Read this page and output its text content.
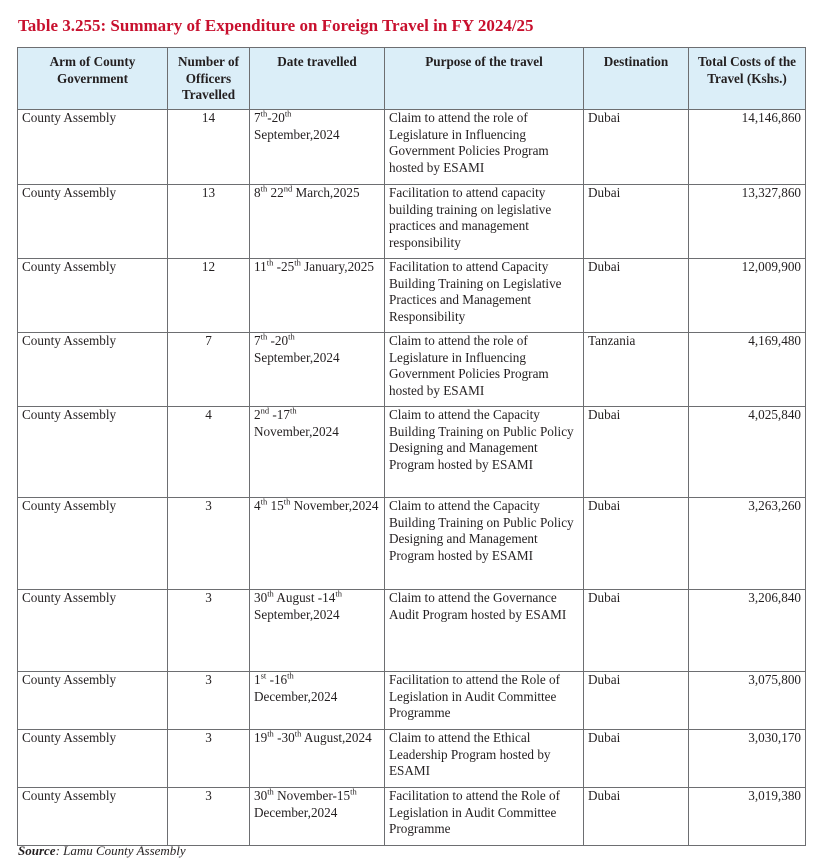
Table 3.255: Summary of Expenditure on Foreign Travel in FY 2024/25
Arm of County Government	Number of Officers Travelled	Date travelled	Purpose of the travel	Destination	Total Costs of the Travel (Kshs.)
County Assembly	14	7th-20th September,2024	Claim to attend the role of Legislature in Influencing Government Policies Program hosted by ESAMI	Dubai	14,146,860
County Assembly	13	8th 22nd March,2025	Facilitation to attend capacity building training on legislative practices and management responsibility	Dubai	13,327,860
County Assembly	12	11th -25th January,2025	Facilitation to attend Capacity Building Training on Legislative Practices and Management Responsibility	Dubai	12,009,900
County Assembly	7	7th -20th September,2024	Claim to attend the role of Legislature in Influencing Government Policies Program hosted by ESAMI	Tanzania	4,169,480
County Assembly	4	2nd -17th November,2024	Claim to attend the Capacity Building Training on Public Policy Designing and Management Program hosted by ESAMI	Dubai	4,025,840
County Assembly	3	4th 15th November,2024	Claim to attend the Capacity Building Training on Public Policy Designing and Management Program hosted by ESAMI	Dubai	3,263,260
County Assembly	3	30th August -14th September,2024	Claim to attend the Governance Audit Program hosted by ESAMI	Dubai	3,206,840
County Assembly	3	1st -16th December,2024	Facilitation to attend the Role of Legislation in Audit Committee Programme	Dubai	3,075,800
County Assembly	3	19th -30th August,2024	Claim to attend the Ethical Leadership Program hosted by ESAMI	Dubai	3,030,170
County Assembly	3	30th November-15th December,2024	Facilitation to attend the Role of Legislation in Audit Committee Programme	Dubai	3,019,380
Source: Lamu County Assembly
